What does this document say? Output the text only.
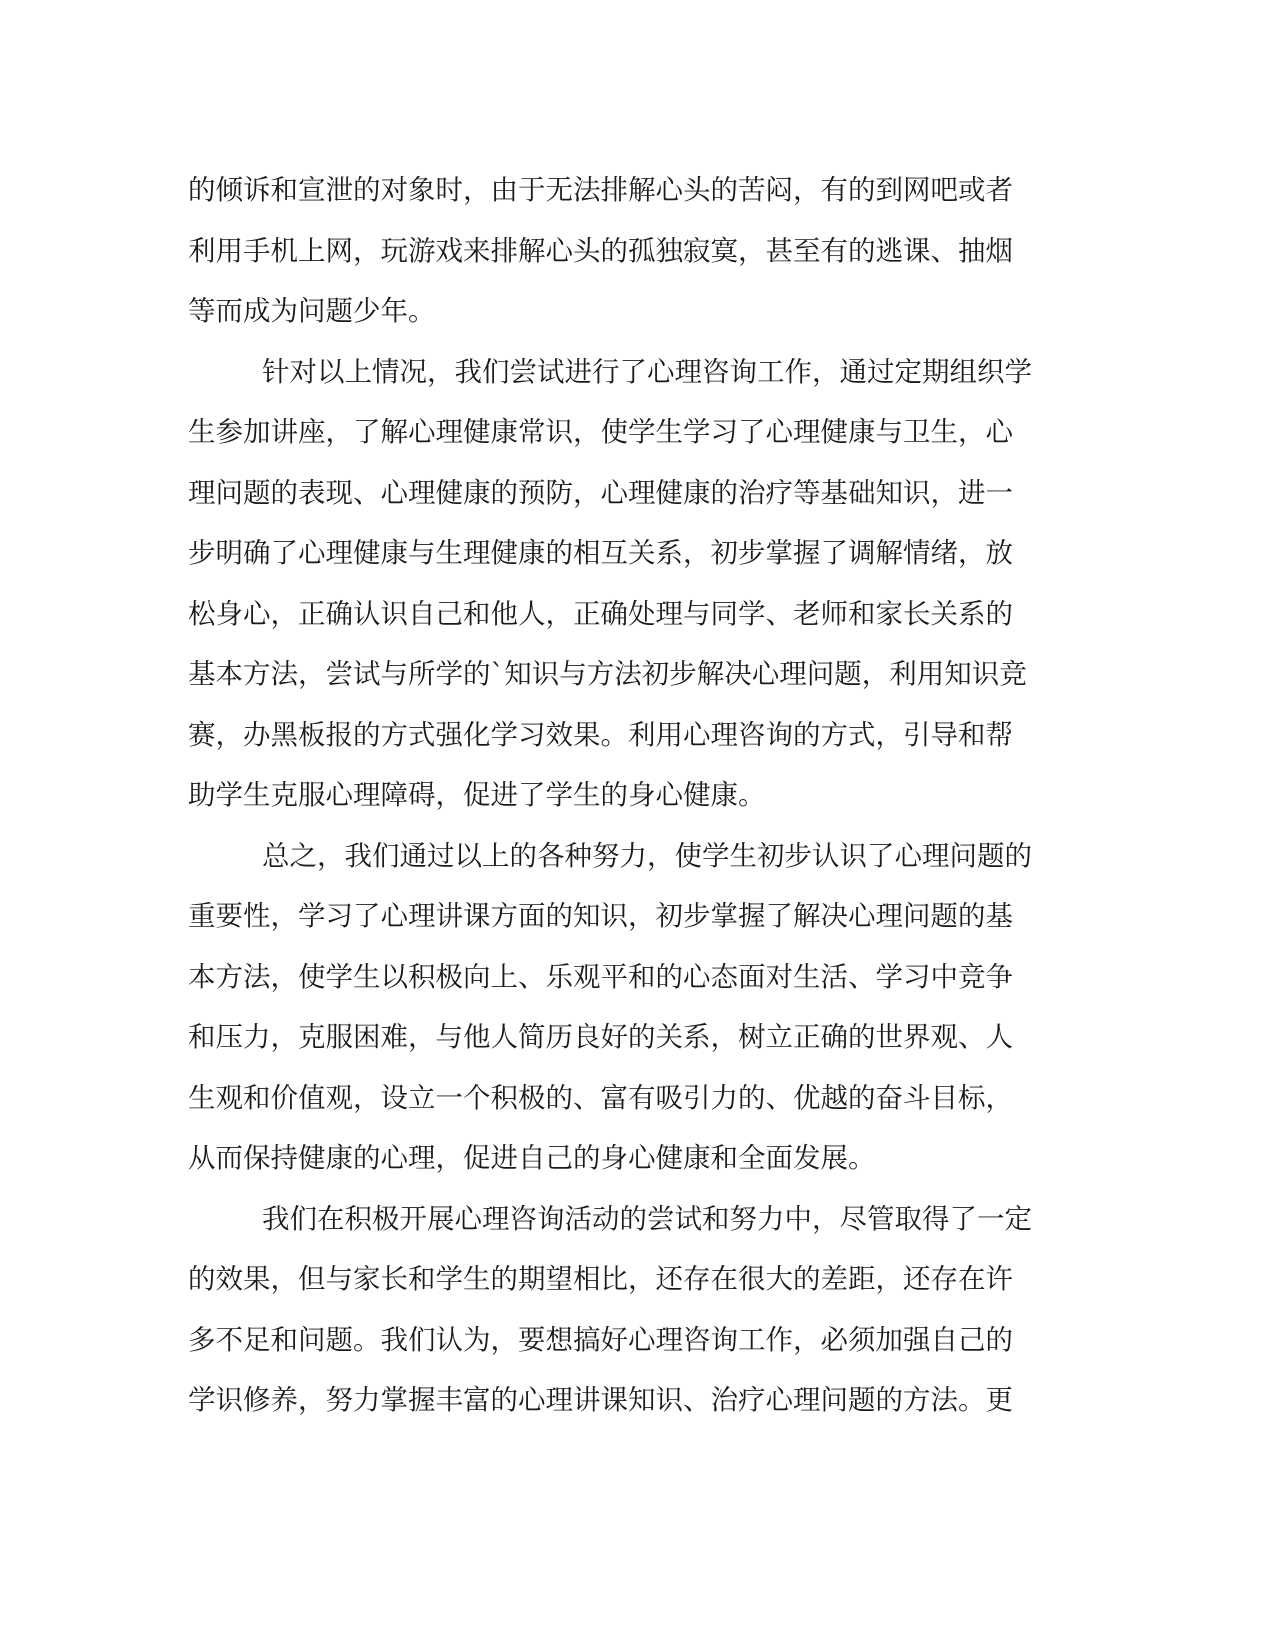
的倾诉和宣泄的对象时，由于无法排解心头的苦闷，有的到网吧或者
利用手机上网，玩游戏来排解心头的孤独寂寞，甚至有的逃课、抽烟
等而成为问题少年。
针对以上情况，我们尝试进行了心理咨询工作，通过定期组织学
生参加讲座，了解心理健康常识，使学生学习了心理健康与卫生，心
理问题的表现、心理健康的预防，心理健康的治疗等基础知识，进一
步明确了心理健康与生理健康的相互关系，初步掌握了调解情绪，放
松身心，正确认识自己和他人，正确处理与同学、老师和家长关系的
基本方法，尝试与所学的`知识与方法初步解决心理问题，利用知识竞
赛，办黑板报的方式强化学习效果。利用心理咨询的方式，引导和帮
助学生克服心理障碍，促进了学生的身心健康。
总之，我们通过以上的各种努力，使学生初步认识了心理问题的
重要性，学习了心理讲课方面的知识，初步掌握了解决心理问题的基
本方法，使学生以积极向上、乐观平和的心态面对生活、学习中竞争
和压力，克服困难，与他人简历良好的关系，树立正确的世界观、人
生观和价值观，设立一个积极的、富有吸引力的、优越的奋斗目标，
从而保持健康的心理，促进自己的身心健康和全面发展。
我们在积极开展心理咨询活动的尝试和努力中，尽管取得了一定
的效果，但与家长和学生的期望相比，还存在很大的差距，还存在许
多不足和问题。我们认为，要想搞好心理咨询工作，必须加强自己的
学识修养，努力掌握丰富的心理讲课知识、治疗心理问题的方法。更
